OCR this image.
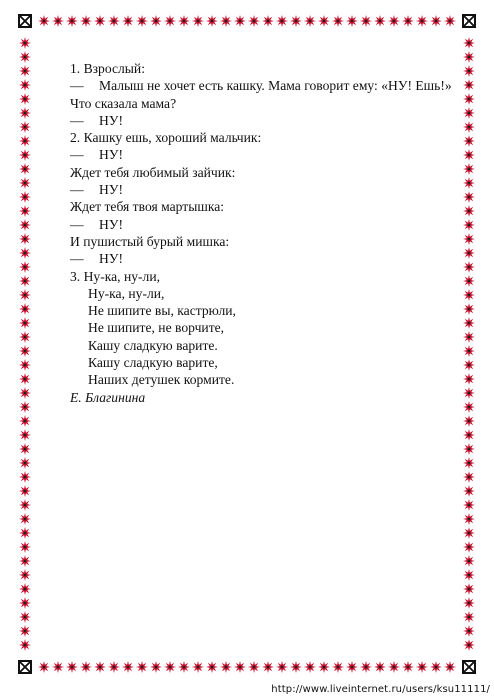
1. Взрослый:
— Малыш не хочет есть кашку. Мама говорит ему: «НУ! Ешь!»
Что сказала мама?
— НУ!
2. Кашку ешь, хороший мальчик:
— НУ!
Ждет тебя любимый зайчик:
— НУ!
Ждет тебя твоя мартышка:
— НУ!
И пушистый бурый мишка:
— НУ!
3. Ну-ка, ну-ли,
Ну-ка, ну-ли,
Не шипите вы, кастрюли,
Не шипите, не ворчите,
Кашу сладкую варите.
Кашу сладкую варите,
Наших детушек кормите.
Е. Благинина
http://www.liveinternet.ru/users/ksu11111/
